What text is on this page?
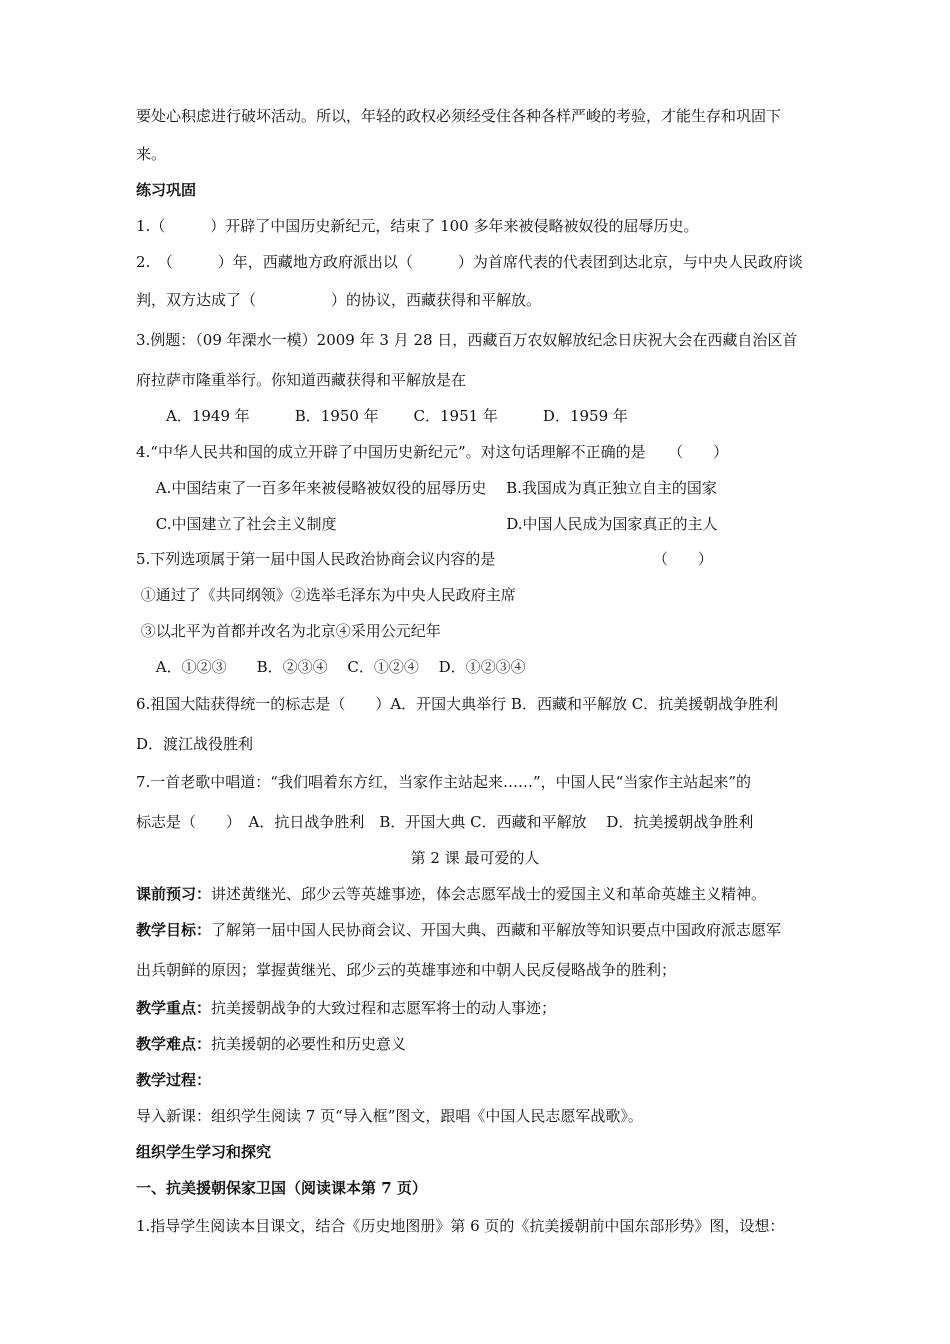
要处心积虑进行破坏活动。所以，年轻的政权必须经受住各种各样严峻的考验，才能生存和巩固下
来。
练习巩固
1.（　　　）开辟了中国历史新纪元，结束了 100 多年来被侵略被奴役的屈辱历史。
2.　（　　　）年，西藏地方政府派出以（　　　）为首席代表的代表团到达北京，与中央人民政府谈
判，双方达成了（　　　　　）的协议，西藏获得和平解放。
3.例题：（09 年溧水一模）2009 年 3 月 28 日，西藏百万农奴解放纪念日庆祝大会在西藏自治区首
府拉萨市隆重举行。你知道西藏获得和平解放是在
　　A．1949 年　　　B．1950 年　　 C．1951 年　　　D．1959 年
4.“中华人民共和国的成立开辟了中国历史新纪元”。对这句话理解不正确的是　　（　　）
　 A.中国结束了一百多年来被侵略被奴役的屈辱历史　 B.我国成为真正独立自主的国家
　 C.中国建立了社会主义制度　　　　　　　　　　　 D.中国人民成为国家真正的主人
5.下列选项属于第一届中国人民政治协商会议内容的是　　　　　　　　　　　（　　）
①通过了《共同纲领》②选举毛泽东为中央人民政府主席
③以北平为首都并改名为北京④采用公元纪年
　 A．①②③　　B．②③④　 C．①②④　 D．①②③④
6.祖国大陆获得统一的标志是（　　）A．开国大典举行 B．西藏和平解放 C．抗美援朝战争胜利
D．渡江战役胜利
7.一首老歌中唱道：“我们唱着东方红，当家作主站起来……”，中国人民“当家作主站起来”的
标志是（　　）　A．抗日战争胜利　B．开国大典 C．西藏和平解放　 D．抗美援朝战争胜利
第 2 课 最可爱的人
课前预习：讲述黄继光、邱少云等英雄事迹，体会志愿军战士的爱国主义和革命英雄主义精神。
教学目标：了解第一届中国人民协商会议、开国大典、西藏和平解放等知识要点中国政府派志愿军
出兵朝鲜的原因；掌握黄继光、邱少云的英雄事迹和中朝人民反侵略战争的胜利；
教学重点：抗美援朝战争的大致过程和志愿军将士的动人事迹；
教学难点：抗美援朝的必要性和历史意义
教学过程：
导入新课：组织学生阅读 7 页“导入框”图文，跟唱《中国人民志愿军战歌》。
组织学生学习和探究
一、抗美援朝保家卫国（阅读课本第 7 页）
1.指导学生阅读本目课文，结合《历史地图册》第 6 页的《抗美援朝前中国东部形势》图，设想：
